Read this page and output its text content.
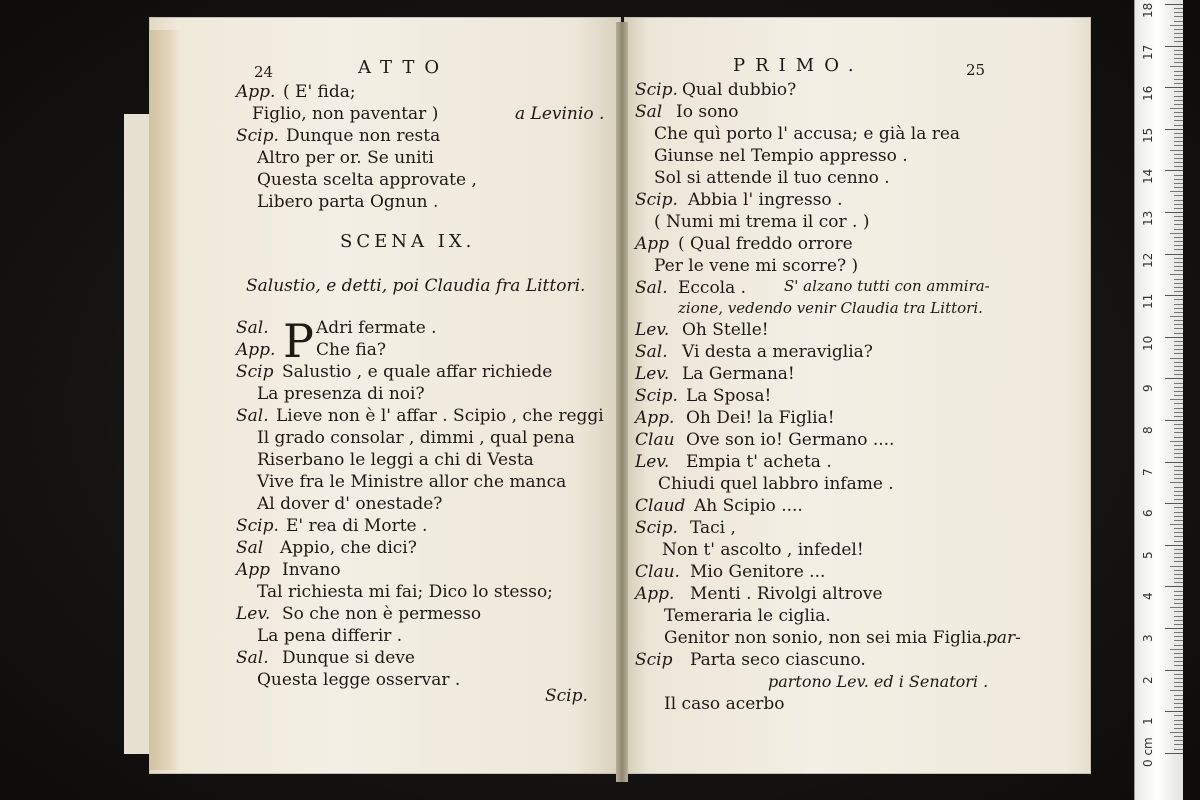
24	ATTO
App. ( E' fida;
Figlio, non paventar )	a Levinio .
Scip. Dunque non resta
Altro per or. Se uniti
Questa scelta approvate ,
Libero parta Ognun .
SCENA IX.
Salustio, e detti, poi Claudia fra Littori.
P
Sal.	Adri fermate .
App. Che fia?
Scip Salustio , e quale affar richiede
La presenza di noi?
Sal. Lieve non è l' affar . Scipio , che reggi
Il grado consolar , dimmi , qual pena
Riserbano le leggi a chi di Vesta
Vive fra le Ministre allor che manca
Al dover d' onestade?
Scip. E' rea di Morte .
Sal Appio, che dici?
App Invano
Tal richiesta mi fai; Dico lo stesso;
Lev. So che non è permesso
La pena differir .
Sal. Dunque si deve
Questa legge osservar .
Scip.
PRIMO.	25
Scip. Qual dubbio?
Sal Io sono
Che quì porto l' accusa; e già la rea
Giunse nel Tempio appresso .
Sol si attende il tuo cenno .
Scip. Abbia l' ingresso .
( Numi mi trema il cor . )
App ( Qual freddo orrore
Per le vene mi scorre? )
Sal. Eccola .	S' alzano tutti con ammira-
zione, vedendo venir Claudia tra Littori.
Lev. Oh Stelle!
Sal. Vi desta a meraviglia?
Lev. La Germana!
Scip. La Sposa!
App. Oh Dei! la Figlia!
Clau Ove son io! Germano ....
Lev. Empia t' acheta .
Chiudi quel labbro infame .
Claud Ah Scipio ....
Scip. Taci ,
Non t' ascolto , infedel!
Clau. Mio Genitore ...
App. Menti . Rivolgi altrove
Temeraria le ciglia.
Genitor non sonio, non sei mia Figlia.
par-
Scip Parta seco ciascuno.
partono Lev. ed i Senatori .
Il caso acerbo
18
17
16
15
14
13
12
11
10
9
8
7
6
5
4
3
2
1
0 cm
